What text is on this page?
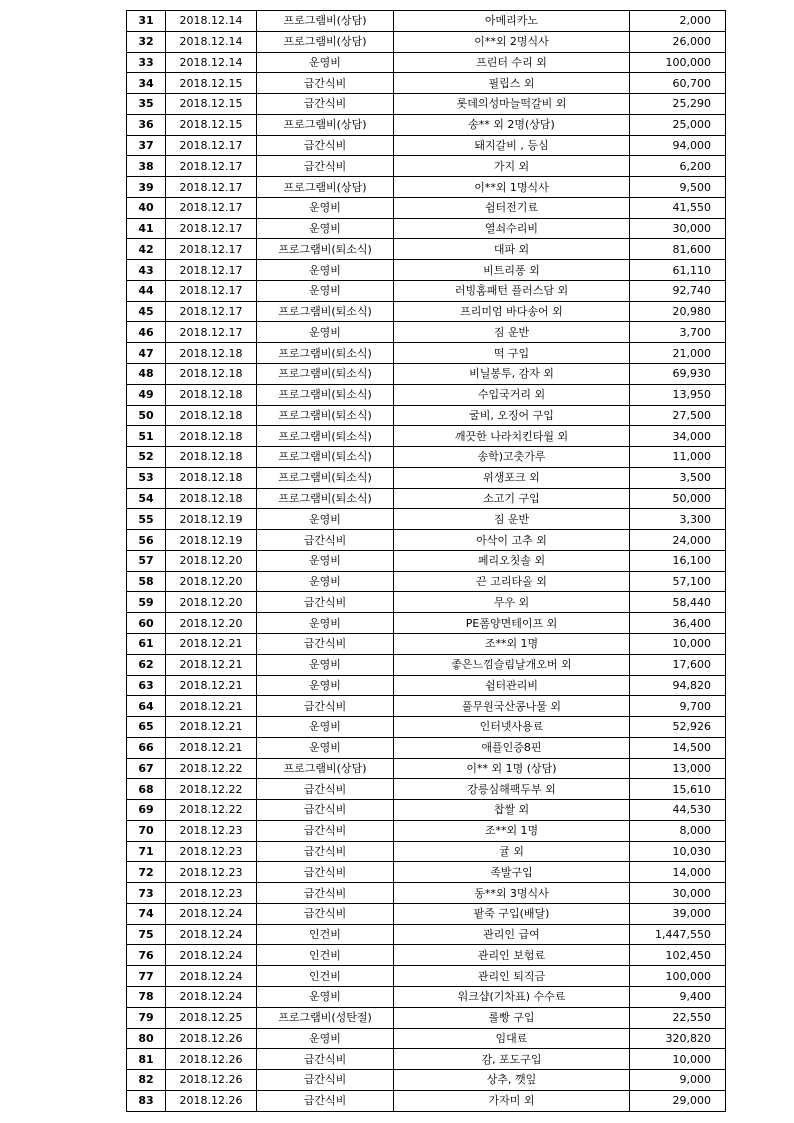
31	2018.12.14	프로그램비(상담)	아메리카노	2,000
32	2018.12.14	프로그램비(상담)	이**외 2명식사	26,000
33	2018.12.14	운영비	프린터 수리 외	100,000
34	2018.12.15	급간식비	필립스 외	60,700
35	2018.12.15	급간식비	롯데의성마늘떡갈비 외	25,290
36	2018.12.15	프로그램비(상담)	송** 외 2명(상담)	25,000
37	2018.12.17	급간식비	돼지갈비 , 등심	94,000
38	2018.12.17	급간식비	가지 외	6,200
39	2018.12.17	프로그램비(상담)	이**외 1명식사	9,500
40	2018.12.17	운영비	쉼터전기료	41,550
41	2018.12.17	운영비	열쇠수리비	30,000
42	2018.12.17	프로그램비(퇴소식)	대파 외	81,600
43	2018.12.17	운영비	비트리퐁 외	61,110
44	2018.12.17	운영비	러빙홈패턴 플러스담 외	92,740
45	2018.12.17	프로그램비(퇴소식)	프리미엄 바다송어 외	20,980
46	2018.12.17	운영비	짐 운반	3,700
47	2018.12.18	프로그램비(퇴소식)	떡 구입	21,000
48	2018.12.18	프로그램비(퇴소식)	비닐봉투, 감자 외	69,930
49	2018.12.18	프로그램비(퇴소식)	수입국거리 외	13,950
50	2018.12.18	프로그램비(퇴소식)	굴비, 오징어 구입	27,500
51	2018.12.18	프로그램비(퇴소식)	깨끗한 나라치킨타월 외	34,000
52	2018.12.18	프로그램비(퇴소식)	송학)고춧가루	11,000
53	2018.12.18	프로그램비(퇴소식)	위생포크 외	3,500
54	2018.12.18	프로그램비(퇴소식)	소고기 구입	50,000
55	2018.12.19	운영비	짐 운반	3,300
56	2018.12.19	급간식비	아삭이 고추 외	24,000
57	2018.12.20	운영비	페리오칫솔 외	16,100
58	2018.12.20	운영비	끈 고리타올 외	57,100
59	2018.12.20	급간식비	무우 외	58,440
60	2018.12.20	운영비	PE폼양면테이프 외	36,400
61	2018.12.21	급간식비	조**외 1명	10,000
62	2018.12.21	운영비	좋은느낌슬림날개오버 외	17,600
63	2018.12.21	운영비	쉼터관리비	94,820
64	2018.12.21	급간식비	풀무원국산콩나물 외	9,700
65	2018.12.21	운영비	인터넷사용료	52,926
66	2018.12.21	운영비	애플인증8핀	14,500
67	2018.12.22	프로그램비(상담)	이** 외 1명 (상담)	13,000
68	2018.12.22	급간식비	강릉심해팩두부 외	15,610
69	2018.12.22	급간식비	찹쌀 외	44,530
70	2018.12.23	급간식비	조**외 1명	8,000
71	2018.12.23	급간식비	귤 외	10,030
72	2018.12.23	급간식비	족발구입	14,000
73	2018.12.23	급간식비	동**외 3명식사	30,000
74	2018.12.24	급간식비	팥죽 구입(배달)	39,000
75	2018.12.24	인건비	관리인 급여	1,447,550
76	2018.12.24	인건비	관리인 보험료	102,450
77	2018.12.24	인건비	관리인 퇴직금	100,000
78	2018.12.24	운영비	워크샵(기차표) 수수료	9,400
79	2018.12.25	프로그램비(성탄절)	롤빵 구입	22,550
80	2018.12.26	운영비	임대료	320,820
81	2018.12.26	급간식비	감, 포도구입	10,000
82	2018.12.26	급간식비	상추, 깻잎	9,000
83	2018.12.26	급간식비	가자미 외	29,000
